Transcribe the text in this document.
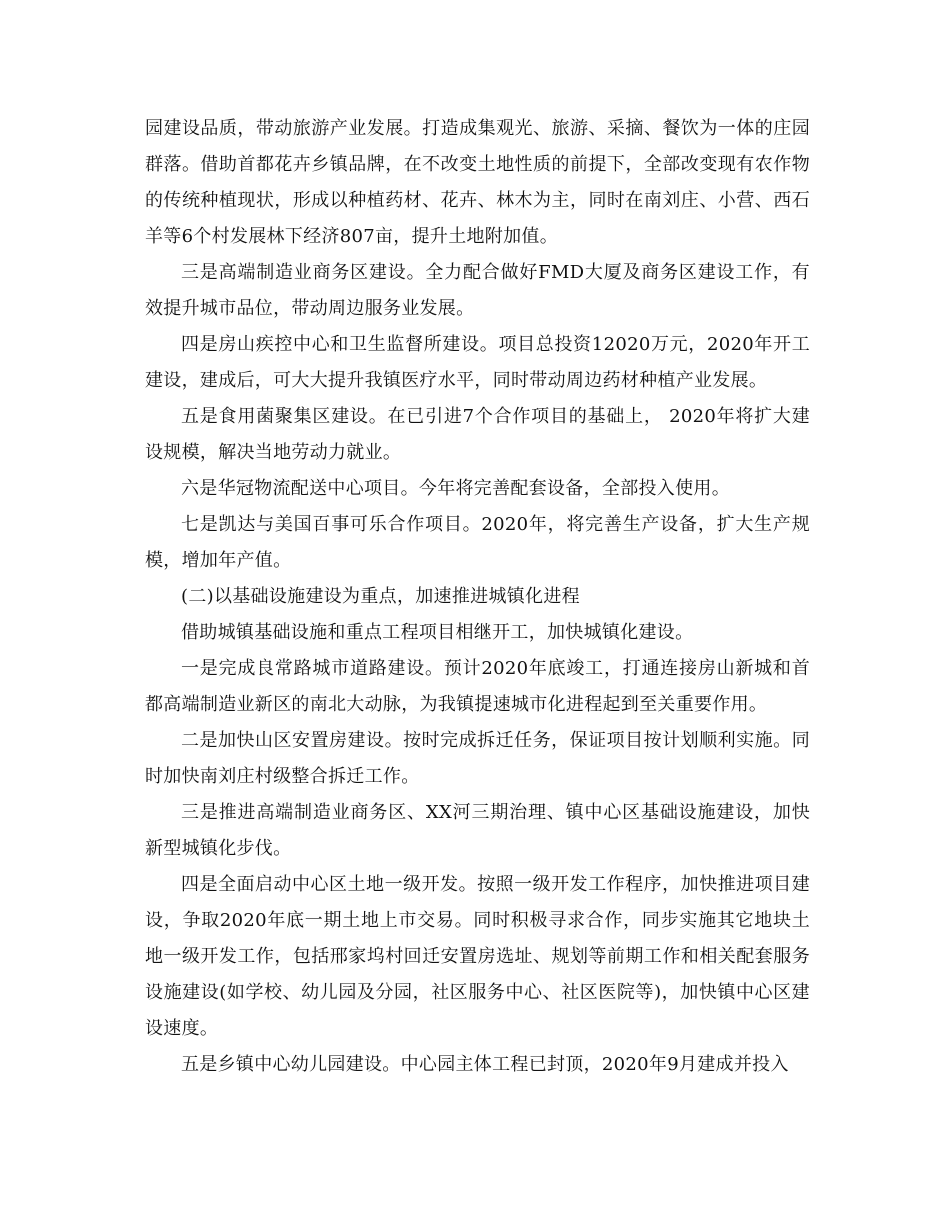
园建设品质，带动旅游产业发展。打造成集观光、旅游、采摘、餐饮为一体的庄园群落。借助首都花卉乡镇品牌，在不改变土地性质的前提下，全部改变现有农作物的传统种植现状，形成以种植药材、花卉、林木为主，同时在南刘庄、小营、西石羊等6个村发展林下经济807亩，提升土地附加值。

三是高端制造业商务区建设。全力配合做好FMD大厦及商务区建设工作，有效提升城市品位，带动周边服务业发展。

四是房山疾控中心和卫生监督所建设。项目总投资12020万元，2020年开工建设，建成后，可大大提升我镇医疗水平，同时带动周边药材种植产业发展。

五是食用菌聚集区建设。在已引进7个合作项目的基础上， 2020年将扩大建设规模，解决当地劳动力就业。

六是华冠物流配送中心项目。今年将完善配套设备，全部投入使用。

七是凯达与美国百事可乐合作项目。2020年，将完善生产设备，扩大生产规模，增加年产值。

(二)以基础设施建设为重点，加速推进城镇化进程

借助城镇基础设施和重点工程项目相继开工，加快城镇化建设。

一是完成良常路城市道路建设。预计2020年底竣工，打通连接房山新城和首都高端制造业新区的南北大动脉，为我镇提速城市化进程起到至关重要作用。

二是加快山区安置房建设。按时完成拆迁任务，保证项目按计划顺利实施。同时加快南刘庄村级整合拆迁工作。

三是推进高端制造业商务区、XX河三期治理、镇中心区基础设施建设，加快新型城镇化步伐。

四是全面启动中心区土地一级开发。按照一级开发工作程序，加快推进项目建设，争取2020年底一期土地上市交易。同时积极寻求合作，同步实施其它地块土地一级开发工作，包括邢家坞村回迁安置房选址、规划等前期工作和相关配套服务设施建设(如学校、幼儿园及分园，社区服务中心、社区医院等)，加快镇中心区建设速度。

五是乡镇中心幼儿园建设。中心园主体工程已封顶，2020年9月建成并投入
